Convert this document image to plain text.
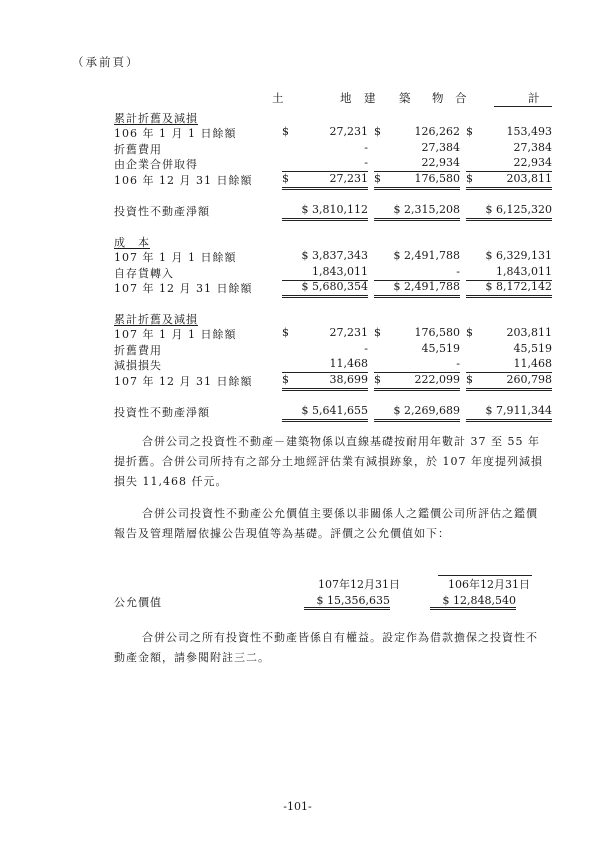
（承前頁）
土	地 建 築 物 合	計
累計折舊及減損
106 年 1 月 1 日餘額	$	27,231 $	126,262 $	153,493
折舊費用	-	27,384	27,384
由企業合併取得	-	22,934	22,934
106 年 12 月 31 日餘額	$	27,231 $	176,580 $	203,811
投資性不動產淨額	$ 3,810,112 $ 2,315,208 $ 6,125,320
成　本
107 年 1 月 1 日餘額	$ 3,837,343 $ 2,491,788 $ 6,329,131
自存貨轉入	1,843,011	-	1,843,011
107 年 12 月 31 日餘額	$ 5,680,354 $ 2,491,788 $ 8,172,142
累計折舊及減損
107 年 1 月 1 日餘額	$	27,231 $	176,580 $	203,811
折舊費用	-	45,519	45,519
減損損失	11,468	-	11,468
107 年 12 月 31 日餘額	$	38,699 $	222,099 $	260,798
投資性不動產淨額	$ 5,641,655 $ 2,269,689 $ 7,911,344
合併公司之投資性不動產－建築物係以直線基礎按耐用年數計 37 至 55 年提折舊。合併公司所持有之部分土地經評估業有減損跡象，於 107 年度提列減損損失 11,468 仟元。
合併公司投資性不動產公允價值主要係以非關係人之鑑價公司所評估之鑑價報告及管理階層依據公告現值等為基礎。評價之公允價值如下：
107年12月31日	106年12月31日
公允價值	$ 15,356,635	$ 12,848,540
合併公司之所有投資性不動產皆係自有權益。設定作為借款擔保之投資性不動產金額，請參閱附註三二。
-101-
